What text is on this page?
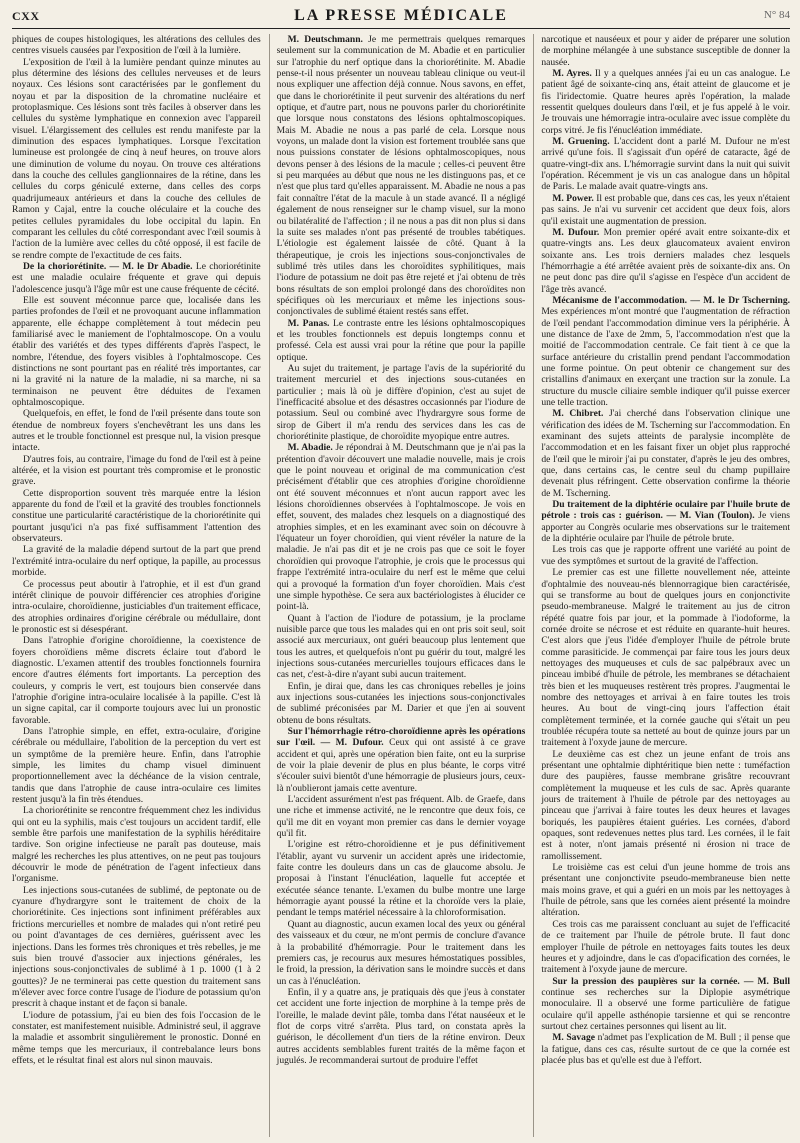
CXX	LA PRESSE MÉDICALE	N° 84

phiques de coupes histologiques, les altérations des cellules des centres visuels causées par l'exposition de l'œil à la lumière.

L'exposition de l'œil à la lumière pendant quinze minutes au plus détermine des lésions des cellules nerveuses et de leurs noyaux. Ces lésions sont caractérisées par le gonflement du noyau et par la disposition de la chromatine nucléaire et protoplasmique. Ces lésions sont très faciles à observer dans les cellules du système lymphatique en connexion avec l'appareil visuel. L'élargissement des cellules est rendu manifeste par la diminution des espaces lymphatiques. Lorsque l'excitation lumineuse est prolongée de cinq à neuf heures, on trouve alors une diminution de volume du noyau. On trouve ces altérations dans la couche des cellules ganglionnaires de la rétine, dans les cellules du corps géniculé externe, dans celles des corps quadrijumeaux antérieurs et dans la couche des cellules de Ramon y Cajal, entre la couche oléculaire et la couche des petites cellules pyramidales du lobe occipital du lapin. En comparant les cellules du côté correspondant avec l'œil soumis à l'action de la lumière avec celles du côté opposé, il est facile de se rendre compte de l'exactitude de ces faits.

De la choriorétinite. — M. le Dr Abadie. Le choriorétinite est une maladie oculaire fréquente et grave qui depuis l'adolescence jusqu'à l'âge mûr est une cause fréquente de cécité.

Elle est souvent méconnue parce que, localisée dans les parties profondes de l'œil et ne provoquant aucune inflammation apparente, elle échappe complètement à tout médecin peu familiarisé avec le maniement de l'ophtalmoscope. On a voulu établir des variétés et des types différents d'après l'aspect, le nombre, l'étendue, des foyers visibles à l'ophtalmoscope. Ces distinctions ne sont pourtant pas en réalité très importantes, car ni la gravité ni la nature de la maladie, ni sa marche, ni sa terminaison ne peuvent être déduites de l'examen ophtalmoscopique.

Quelquefois, en effet, le fond de l'œil présente dans toute son étendue de nombreux foyers s'enchevêtrant les uns dans les autres et le trouble fonctionnel est presque nul, la vision presque intacte.

D'autres fois, au contraire, l'image du fond de l'œil est à peine altérée, et la vision est pourtant très compromise et le pronostic grave.

Cette disproportion souvent très marquée entre la lésion apparente du fond de l'œil et la gravité des troubles fonctionnels constitue une particularité caractéristique de la choriorétinite qui pourtant jusqu'ici n'a pas fixé suffisamment l'attention des observateurs.

La gravité de la maladie dépend surtout de la part que prend l'extrémité intra-oculaire du nerf optique, la papille, au processus morbide.

Ce processus peut aboutir à l'atrophie, et il est d'un grand intérêt clinique de pouvoir différencier ces atrophies d'origine intra-oculaire, choroïdienne, justiciables d'un traitement efficace, des atrophies ordinaires d'origine cérébrale ou médullaire, dont le pronostic est si désespérant.

Dans l'atrophie d'origine choroïdienne, la coexistence de foyers choroïdiens même discrets éclaire tout d'abord le diagnostic. L'examen attentif des troubles fonctionnels fournira encore d'autres éléments fort importants. La perception des couleurs, y compris le vert, est toujours bien conservée dans l'atrophie d'origine intra-oculaire localisée à la papille. C'est là un signe capital, car il comporte toujours avec lui un pronostic favorable.

Dans l'atrophie simple, en effet, extra-oculaire, d'origine cérébrale ou médullaire, l'abolition de la perception du vert est un symptôme de la première heure. Enfin, dans l'atrophie simple, les limites du champ visuel diminuent proportionnellement avec la déchéance de la vision centrale, tandis que dans l'atrophie de cause intra-oculaire ces limites restent jusqu'à la fin très étendues.

La choriorétinite se rencontre fréquemment chez les individus qui ont eu la syphilis, mais c'est toujours un accident tardif, elle semble être parfois une manifestation de la syphilis héréditaire tardive. Son origine infectieuse ne paraît pas douteuse, mais malgré les recherches les plus attentives, on ne peut pas toujours découvrir le mode de pénétration de l'agent infectieux dans l'organisme.

Les injections sous-cutanées de sublimé, de peptonate ou de cyanure d'hydrargyre sont le traitement de choix de la choriorétinite. Ces injections sont infiniment préférables aux frictions mercurielles et nombre de malades qui n'ont retiré peu ou point d'avantages de ces dernières, guérissent avec les injections. Dans les formes très chroniques et très rebelles, je me suis bien trouvé d'associer aux injections générales, les injections sous-conjonctivales de sublimé à 1 p. 1000 (1 à 2 gouttes)? Je ne terminerai pas cette question du traitement sans m'élever avec force contre l'usage de l'iodure de potassium qu'on prescrit à chaque instant et de façon si banale.

L'iodure de potassium, j'ai eu bien des fois l'occasion de le constater, est manifestement nuisible. Administré seul, il aggrave la maladie et assombrit singulièrement le pronostic. Donné en même temps que les mercuriaux, il contrebalance leurs bons effets, et le résultat final est alors nul sinon mauvais.

M. Deutschmann. Je me permettrais quelques remarques seulement sur la communication de M. Abadie et en particulier sur l'atrophie du nerf optique dans la choriorétinite. M. Abadie pense-t-il nous présenter un nouveau tableau clinique ou veut-il nous expliquer une affection déjà connue. Nous savons, en effet, que dans le choriorétinite il peut survenir des altérations du nerf optique, et d'autre part, nous ne pouvons parler du choriorétinite que lorsque nous constatons des lésions ophtalmoscopiques. Mais M. Abadie ne nous a pas parlé de cela. Lorsque nous voyons, un malade dont la vision est fortement troublée sans que nous puissions constater de lésions ophtalmoscopiques, nous devons penser à des lésions de la macule ; celles-ci peuvent être si peu marquées au début que nous ne les distinguons pas, et ce n'est que plus tard qu'elles apparaissent. M. Abadie ne nous a pas fait connaître l'état de la macule à un stade avancé. Il a négligé également de nous renseigner sur le champ visuel, sur la mono ou bilatéralité de l'affection ; il ne nous a pas dit non plus si dans la suite ses malades n'ont pas présenté de troubles tabétiques. L'étiologie est également laissée de côté. Quant à la thérapeutique, je crois les injections sous-conjonctivales de sublimé très utiles dans les choroïdites syphilitiques, mais l'iodure de potassium ne doit pas être rejeté et j'ai obtenu de très bons résultats de son emploi prolongé dans des choroïdites non spécifiques où les mercuriaux et même les injections sous-conjonctivales de sublimé étaient restés sans effet.

M. Panas. Le contraste entre les lésions ophtalmoscopiques et les troubles fonctionnels est depuis longtemps connu et professé. Cela est aussi vrai pour la rétine que pour la papille optique.

Au sujet du traitement, je partage l'avis de la supériorité du traitement mercuriel et des injections sous-cutanées en particulier ; mais là où je diffère d'opinion, c'est au sujet de l'inefficacité absolue et des désastres occasionnés par l'iodure de potassium. Seul ou combiné avec l'hydrargyre sous forme de sirop de Gibert il m'a rendu des services dans les cas de choriorétinite plastique, de choroïdite myopique entre autres.

M. Abadie. Je répondrai à M. Deutschmann que je n'ai pas la prétention d'avoir découvert une maladie nouvelle, mais je crois que le point nouveau et original de ma communication c'est précisément d'établir que ces atrophies d'origine choroïdienne ont été souvent méconnues et n'ont aucun rapport avec les lésions choroïdiennes observées à l'ophtalmoscope. Je vois en effet, souvent, des malades chez lesquels on a diagnostiqué des atrophies simples, et en les examinant avec soin on découvre à l'équateur un foyer choroïdien, qui vient révéler la nature de la maladie. Je n'ai pas dit et je ne crois pas que ce soit le foyer choroïdien qui provoque l'atrophie, je crois que le processus qui frappe l'extrémité intra-oculaire du nerf est le même que celui qui a provoqué la formation d'un foyer choroïdien. Mais c'est une simple hypothèse. Ce sera aux bactériologistes à élucider ce point-là.

Quant à l'action de l'iodure de potassium, je la proclame nuisible parce que tous les malades qui en ont pris soit seul, soit associé aux mercuriaux, ont guéri beaucoup plus lentement que tous les autres, et quelquefois n'ont pu guérir du tout, malgré les injections sous-cutanées mercurielles toujours efficaces dans le cas net, c'est-à-dire n'ayant subi aucun traitement.

Enfin, je dirai que, dans les cas chroniques rebelles je joins aux injections sous-cutanées les injections sous-conjonctivales de sublimé préconisées par M. Darier et que j'en ai souvent obtenu de bons résultats.

Sur l'hémorrhagie rétro-choroïdienne après les opérations sur l'œil. — M. Dufour. Ceux qui ont assisté à ce grave accident et qui, après une opération bien faite, ont eu la surprise de voir la plaie devenir de plus en plus béante, le corps vitré s'écouler suivi bientôt d'une hémorragie de plusieurs jours, ceux-là n'oublieront jamais cette aventure.

L'accident assurément n'est pas fréquent. Alb. de Graefe, dans une riche et immense activité, ne le rencontre que deux fois, ce qu'il me dit en voyant mon premier cas dans le dernier voyage qu'il fit.

L'origine est rétro-choroïdienne et je pus définitivement l'établir, ayant vu survenir un accident après une iridectomie, faite contre les douleurs dans un cas de glaucome absolu. Je proposai à l'instant l'énucléation, laquelle fut acceptée et exécutée séance tenante. L'examen du bulbe montre une large hémorragie ayant poussé la rétine et la choroïde vers la plaie, pendant le temps matériel nécessaire à la chloroformisation.

Quant au diagnostic, aucun examen local des yeux ou général des vaisseaux et du cœur, ne m'ont permis de conclure d'avance à la probabilité d'hémorragie. Pour le traitement dans les premiers cas, je recourus aux mesures hémostatiques possibles, le froid, la pression, la dérivation sans le moindre succès et dans un cas à l'énucléation.

Enfin, il y a quatre ans, je pratiquais dès que j'eus à constater cet accident une forte injection de morphine à la tempe près de l'oreille, le malade devint pâle, tomba dans l'état nauséeux et le flot de corps vitré s'arrêta. Plus tard, on constata après la guérison, le décollement d'un tiers de la rétine environ. Deux autres accidents semblables furent traités de la même façon et jugulés. Je recommanderai surtout de produire l'effet

narcotique et nauséeux et pour y aider de préparer une solution de morphine mélangée à une substance susceptible de donner la nausée.

M. Ayres. Il y a quelques années j'ai eu un cas analogue. Le patient âgé de soixante-cinq ans, était atteint de glaucome et je fis l'iridectomie. Quatre heures après l'opération, la malade ressentit quelques douleurs dans l'œil, et je fus appelé à le voir. Je trouvais une hémorragie intra-oculaire avec issue complète du corps vitré. Je fis l'énucléation immédiate.

M. Gruening. L'accident dont a parlé M. Dufour ne m'est arrivé qu'une fois. Il s'agissait d'un opéré de cataracte, âgé de quatre-vingt-dix ans. L'hémorragie survint dans la nuit qui suivit l'opération. Récemment je vis un cas analogue dans un hôpital de Paris. Le malade avait quatre-vingts ans.

M. Power. Il est probable que, dans ces cas, les yeux n'étaient pas sains. Je n'ai vu survenir cet accident que deux fois, alors qu'il existait une augmentation de pression.

M. Dufour. Mon premier opéré avait entre soixante-dix et quatre-vingts ans. Les deux glaucomateux avaient environ soixante ans. Les trois derniers malades chez lesquels l'hémorrhagie a été arrêtée avaient près de soixante-dix ans. On ne peut donc pas dire qu'il s'agisse en l'espèce d'un accident de l'âge très avancé.

Mécanisme de l'accommodation. — M. le Dr Tscherning. Mes expériences m'ont montré que l'augmentation de réfraction de l'œil pendant l'accommodation diminue vers la périphérie. À une distance de l'axe de 2mm, 5, l'accommodation n'est que la moitié de l'accommodation centrale. Ce fait tient à ce que la surface antérieure du cristallin prend pendant l'accommodation une forme pointue. On peut obtenir ce changement sur des cristallins d'animaux en exerçant une traction sur la zonule. La structure du muscle ciliaire semble indiquer qu'il puisse exercer une telle traction.

M. Chibret. J'ai cherché dans l'observation clinique une vérification des idées de M. Tscherning sur l'accommodation. En examinant des sujets atteints de paralysie incomplète de l'accommodation et en les faisant fixer un objet plus rapproché de l'œil que le miroir j'ai pu constater, d'après le jeu des ombres, que, dans certains cas, le centre seul du champ pupillaire devenait plus réfringent. Cette observation confirme la théorie de M. Tscherning.

Du traitement de la diphtérie oculaire par l'huile brute de pétrole : trois cas : guérison. — M. Vian (Toulon). Je viens apporter au Congrès ocularie mes observations sur le traitement de la diphtérie oculaire par l'huile de pétrole brute.

Les trois cas que je rapporte offrent une variété au point de vue des symptômes et surtout de la gravité de l'affection.

Le premier cas est une fillette nouvellement née, atteinte d'ophtalmie des nouveau-nés blennorragique bien caractérisée, qui se transforme au bout de quelques jours en conjonctivite pseudo-membraneuse. Malgré le traitement au jus de citron répété quatre fois par jour, et la pommade à l'iodoforme, la cornée droite se nécrose et est réduite en quarante-huit heures. C'est alors que j'eus l'idée d'employer l'huile de pétrole brute comme parasiticide. Je commençai par faire tous les jours deux nettoyages des muqueuses et culs de sac palpébraux avec un pinceau imbibé d'huile de pétrole, les membranes se détachaient très bien et les muqueuses restèrent très propres. J'augmentai le nombre des nettoyages et arrivai à en faire toutes les trois heures. Au bout de vingt-cinq jours l'affection était complètement terminée, et la cornée gauche qui s'était un peu troublée récupéra toute sa netteté au bout de quinze jours par un traitement à l'oxyde jaune de mercure.

Le deuxième cas est chez un jeune enfant de trois ans présentant une ophtalmie diphtéritique bien nette : tuméfaction dure des paupières, fausse membrane grisâtre recouvrant complètement la muqueuse et les culs de sac. Après quarante jours de traitement à l'huile de pétrole par des nettoyages au pinceau que j'arrivai à faire toutes les deux heures et lavages boriqués, les paupières étaient guéries. Les cornées, d'abord opaques, sont redevenues nettes plus tard. Les cornées, il le fait est à noter, n'ont jamais présenté ni érosion ni trace de ramollissement.

Le troisième cas est celui d'un jeune homme de trois ans présentant une conjonctivite pseudo-membraneuse bien nette mais moins grave, et qui a guéri en un mois par les nettoyages à l'huile de pétrole, sans que les cornées aient présenté la moindre altération.

Ces trois cas me paraissent concluant au sujet de l'efficacité de ce traitement par l'huile de pétrole brute. Il faut donc employer l'huile de pétrole en nettoyages faits toutes les deux heures et y adjoindre, dans le cas d'opacification des cornées, le traitement à l'oxyde jaune de mercure.

Sur la pression des paupières sur la cornée. — M. Bull continue ses recherches sur la Diplopie asymétrique monoculaire. Il a observé une forme particulière de fatigue oculaire qu'il appelle asthénopie tarsienne et qui se rencontre surtout chez certaines personnes qui lisent au lit.

M. Savage n'admet pas l'explication de M. Bull ; il pense que la fatigue, dans ces cas, résulte surtout de ce que la cornée est placée plus bas et qu'elle est due à l'effort.
